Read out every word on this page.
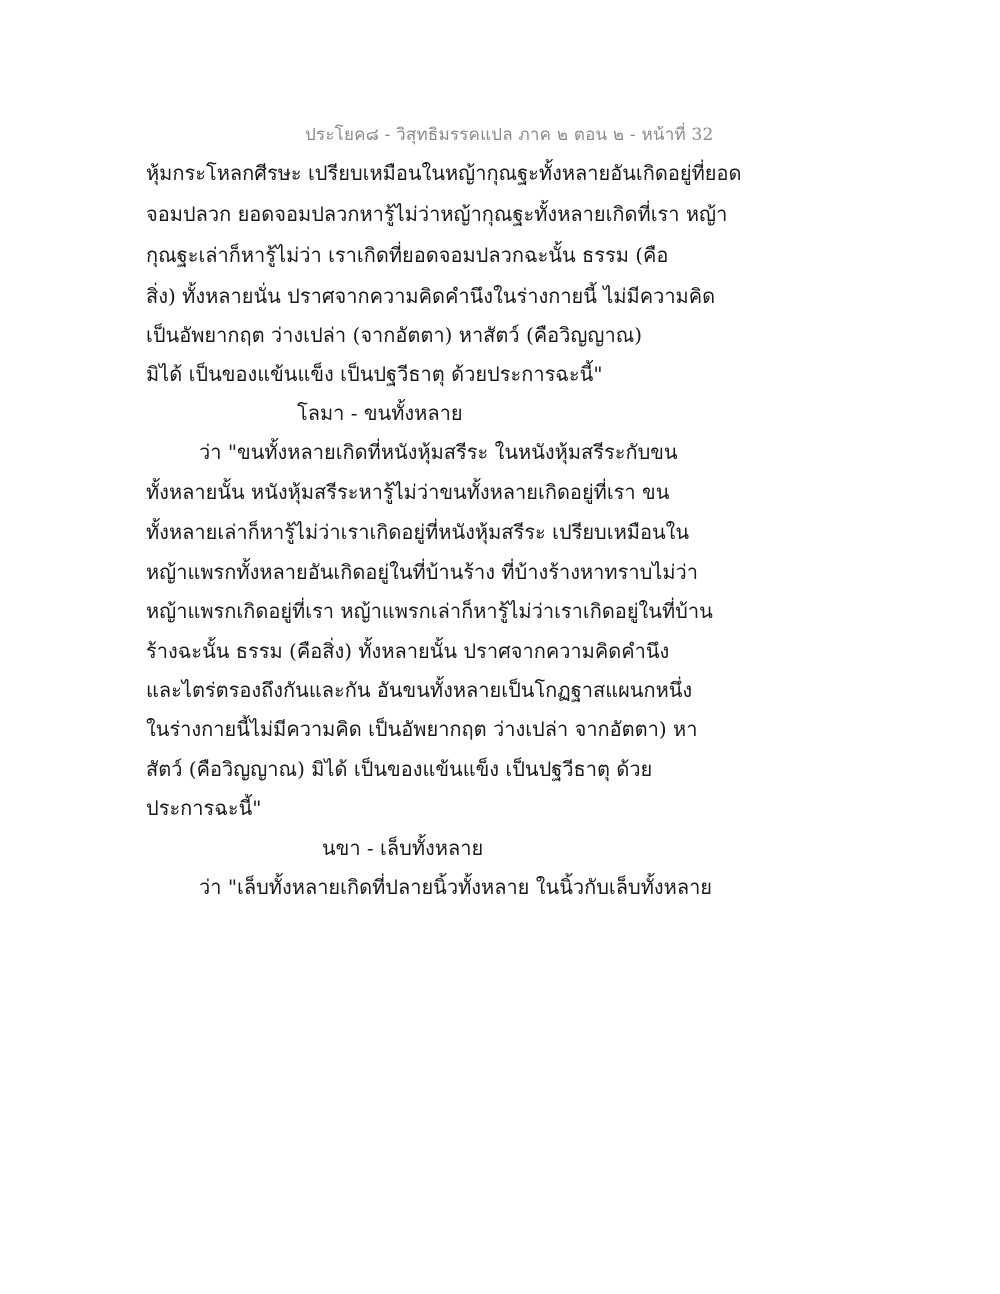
ประโยค๘ - วิสุทธิมรรคแปล ภาค ๒ ตอน ๒ - หน้าที่ 32
หุ้มกระโหลกศีรษะ เปรียบเหมือนในหญ้ากุณฐะทั้งหลายอันเกิดอยู่ที่ยอด
จอมปลวก ยอดจอมปลวกหารู้ไม่ว่าหญ้ากุณฐะทั้งหลายเกิดที่เรา หญ้า
กุณฐะเล่าก็หารู้ไม่ว่า เราเกิดที่ยอดจอมปลวกฉะนั้น ธรรม (คือ
สิ่ง) ทั้งหลายนั่น ปราศจากความคิดคำนึงในร่างกายนี้ ไม่มีความคิด
เป็นอัพยากฤต ว่างเปล่า (จากอัตตา) หาสัตว์ (คือวิญญาณ)
มิได้ เป็นของแข้นแข็ง เป็นปฐวีธาตุ ด้วยประการฉะนี้"
โลมา - ขนทั้งหลาย
ว่า "ขนทั้งหลายเกิดที่หนังหุ้มสรีระ ในหนังหุ้มสรีระกับขน
ทั้งหลายนั้น หนังหุ้มสรีระหารู้ไม่ว่าขนทั้งหลายเกิดอยู่ที่เรา ขน
ทั้งหลายเล่าก็หารู้ไม่ว่าเราเกิดอยู่ที่หนังหุ้มสรีระ เปรียบเหมือนใน
หญ้าแพรกทั้งหลายอันเกิดอยู่ในที่บ้านร้าง ที่บ้างร้างหาทราบไม่ว่า
หญ้าแพรกเกิดอยู่ที่เรา หญ้าแพรกเล่าก็หารู้ไม่ว่าเราเกิดอยู่ในที่บ้าน
ร้างฉะนั้น ธรรม (คือสิ่ง) ทั้งหลายนั้น ปราศจากความคิดคำนึง
และไตร่ตรองถึงกันและกัน อันขนทั้งหลายเป็นโกฏฐาสแผนกหนึ่ง
ในร่างกายนี้ไม่มีความคิด เป็นอัพยากฤต ว่างเปล่า จากอัตตา) หา
สัตว์ (คือวิญญาณ) มิได้ เป็นของแข้นแข็ง เป็นปฐวีธาตุ ด้วย
ประการฉะนี้"
นขา - เล็บทั้งหลาย
ว่า "เล็บทั้งหลายเกิดที่ปลายนิ้วทั้งหลาย ในนิ้วกับเล็บทั้งหลาย
